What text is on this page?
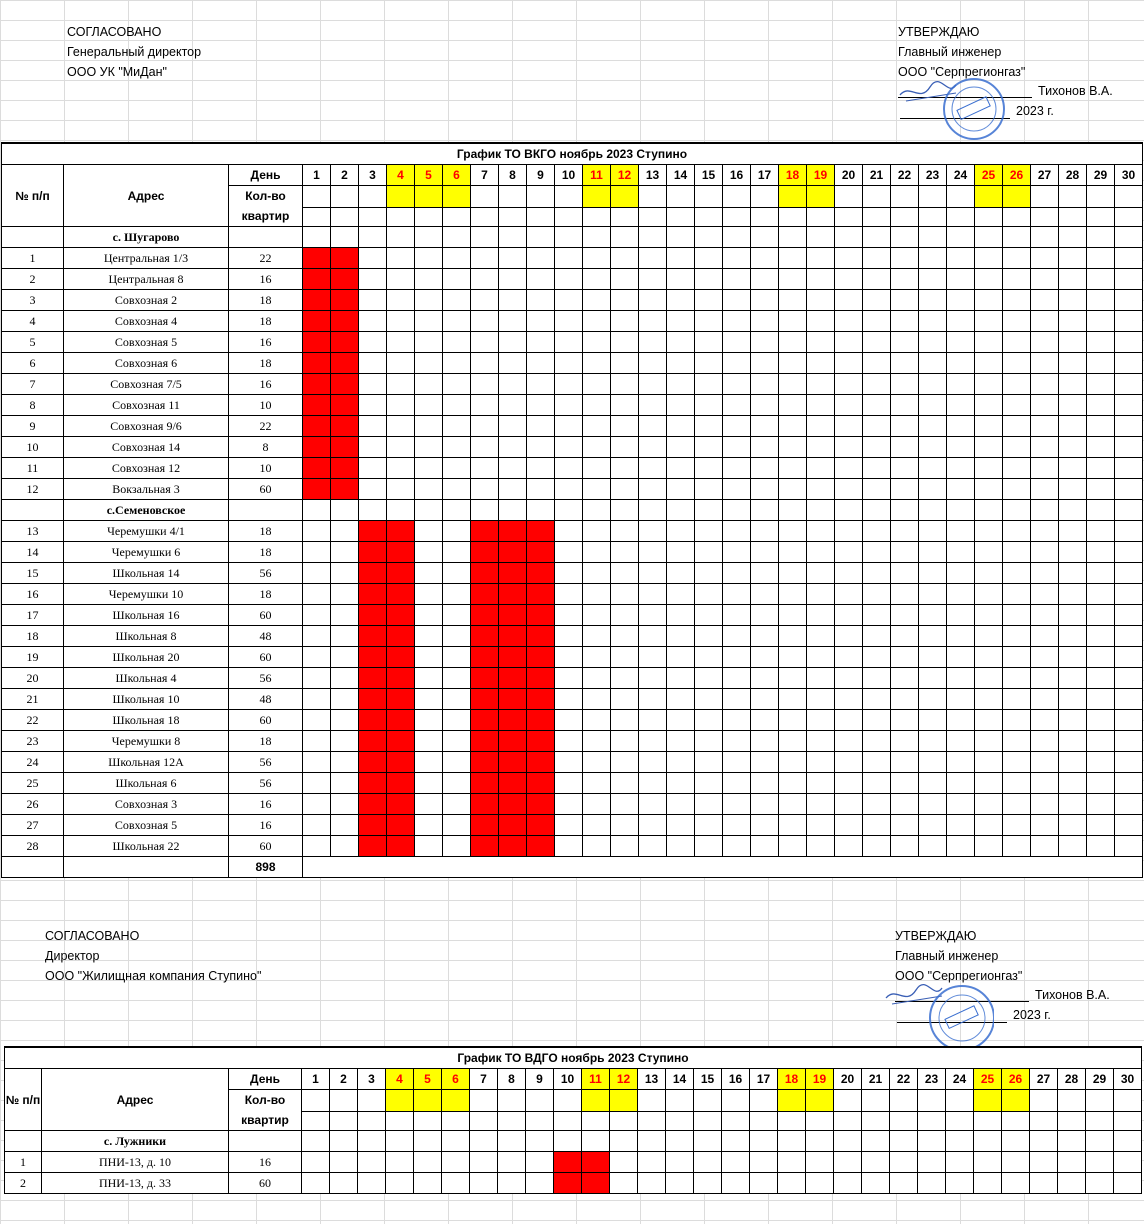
СОГЛАСОВАНО
Генеральный директор
ООО УК "МиДан"
УТВЕРЖДАЮ
Главный инженер
ООО "Серпрегионгаз"
Тихонов В.А.
2023 г.
График ТО ВКГО ноябрь 2023 Ступино																																
№ п/п	Адрес	День	1	2	3	4	5	6	7	8	9	10	11	12	13	14	15	16	17	18	19	20	21	22	23	24	25	26	27	28	29	30
		Кол-во квартир																														

	с. Шугарово																															
1	Центральная 1/3	22																														
2	Центральная 8	16																														
3	Совхозная 2	18																														
4	Совхозная 4	18																														
5	Совхозная 5	16																														
6	Совхозная 6	18																														
7	Совхозная 7/5	16																														
8	Совхозная 11	10																														
9	Совхозная 9/6	22																														
10	Совхозная 14	8																														
11	Совхозная 12	10																														
12	Вокзальная 3	60																														
	с.Семеновское																															
13	Черемушки 4/1	18																														
14	Черемушки 6	18																														
15	Школьная 14	56																														
16	Черемушки 10	18																														
17	Школьная 16	60																														
18	Школьная 8	48																														
19	Школьная 20	60																														
20	Школьная 4	56																														
21	Школьная 10	48																														
22	Школьная 18	60																														
23	Черемушки 8	18																														
24	Школьная 12А	56																														
25	Школьная 6	56																														
26	Совхозная 3	16																														
27	Совхозная 5	16																														
28	Школьная 22	60																														
		898																														
СОГЛАСОВАНО
Директор
ООО "Жилищная компания Ступино"
УТВЕРЖДАЮ
Главный инженер
ООО "Серпрегионгаз"
Тихонов В.А.
2023 г.
График ТО ВДГО ноябрь 2023 Ступино																																
№ п/п	Адрес	День	1	2	3	4	5	6	7	8	9	10	11	12	13	14	15	16	17	18	19	20	21	22	23	24	25	26	27	28	29	30
		Кол-во квартир																														

	с. Лужники																															
1	ПНИ-13, д. 10	16																														
2	ПНИ-13, д. 33	60																														
